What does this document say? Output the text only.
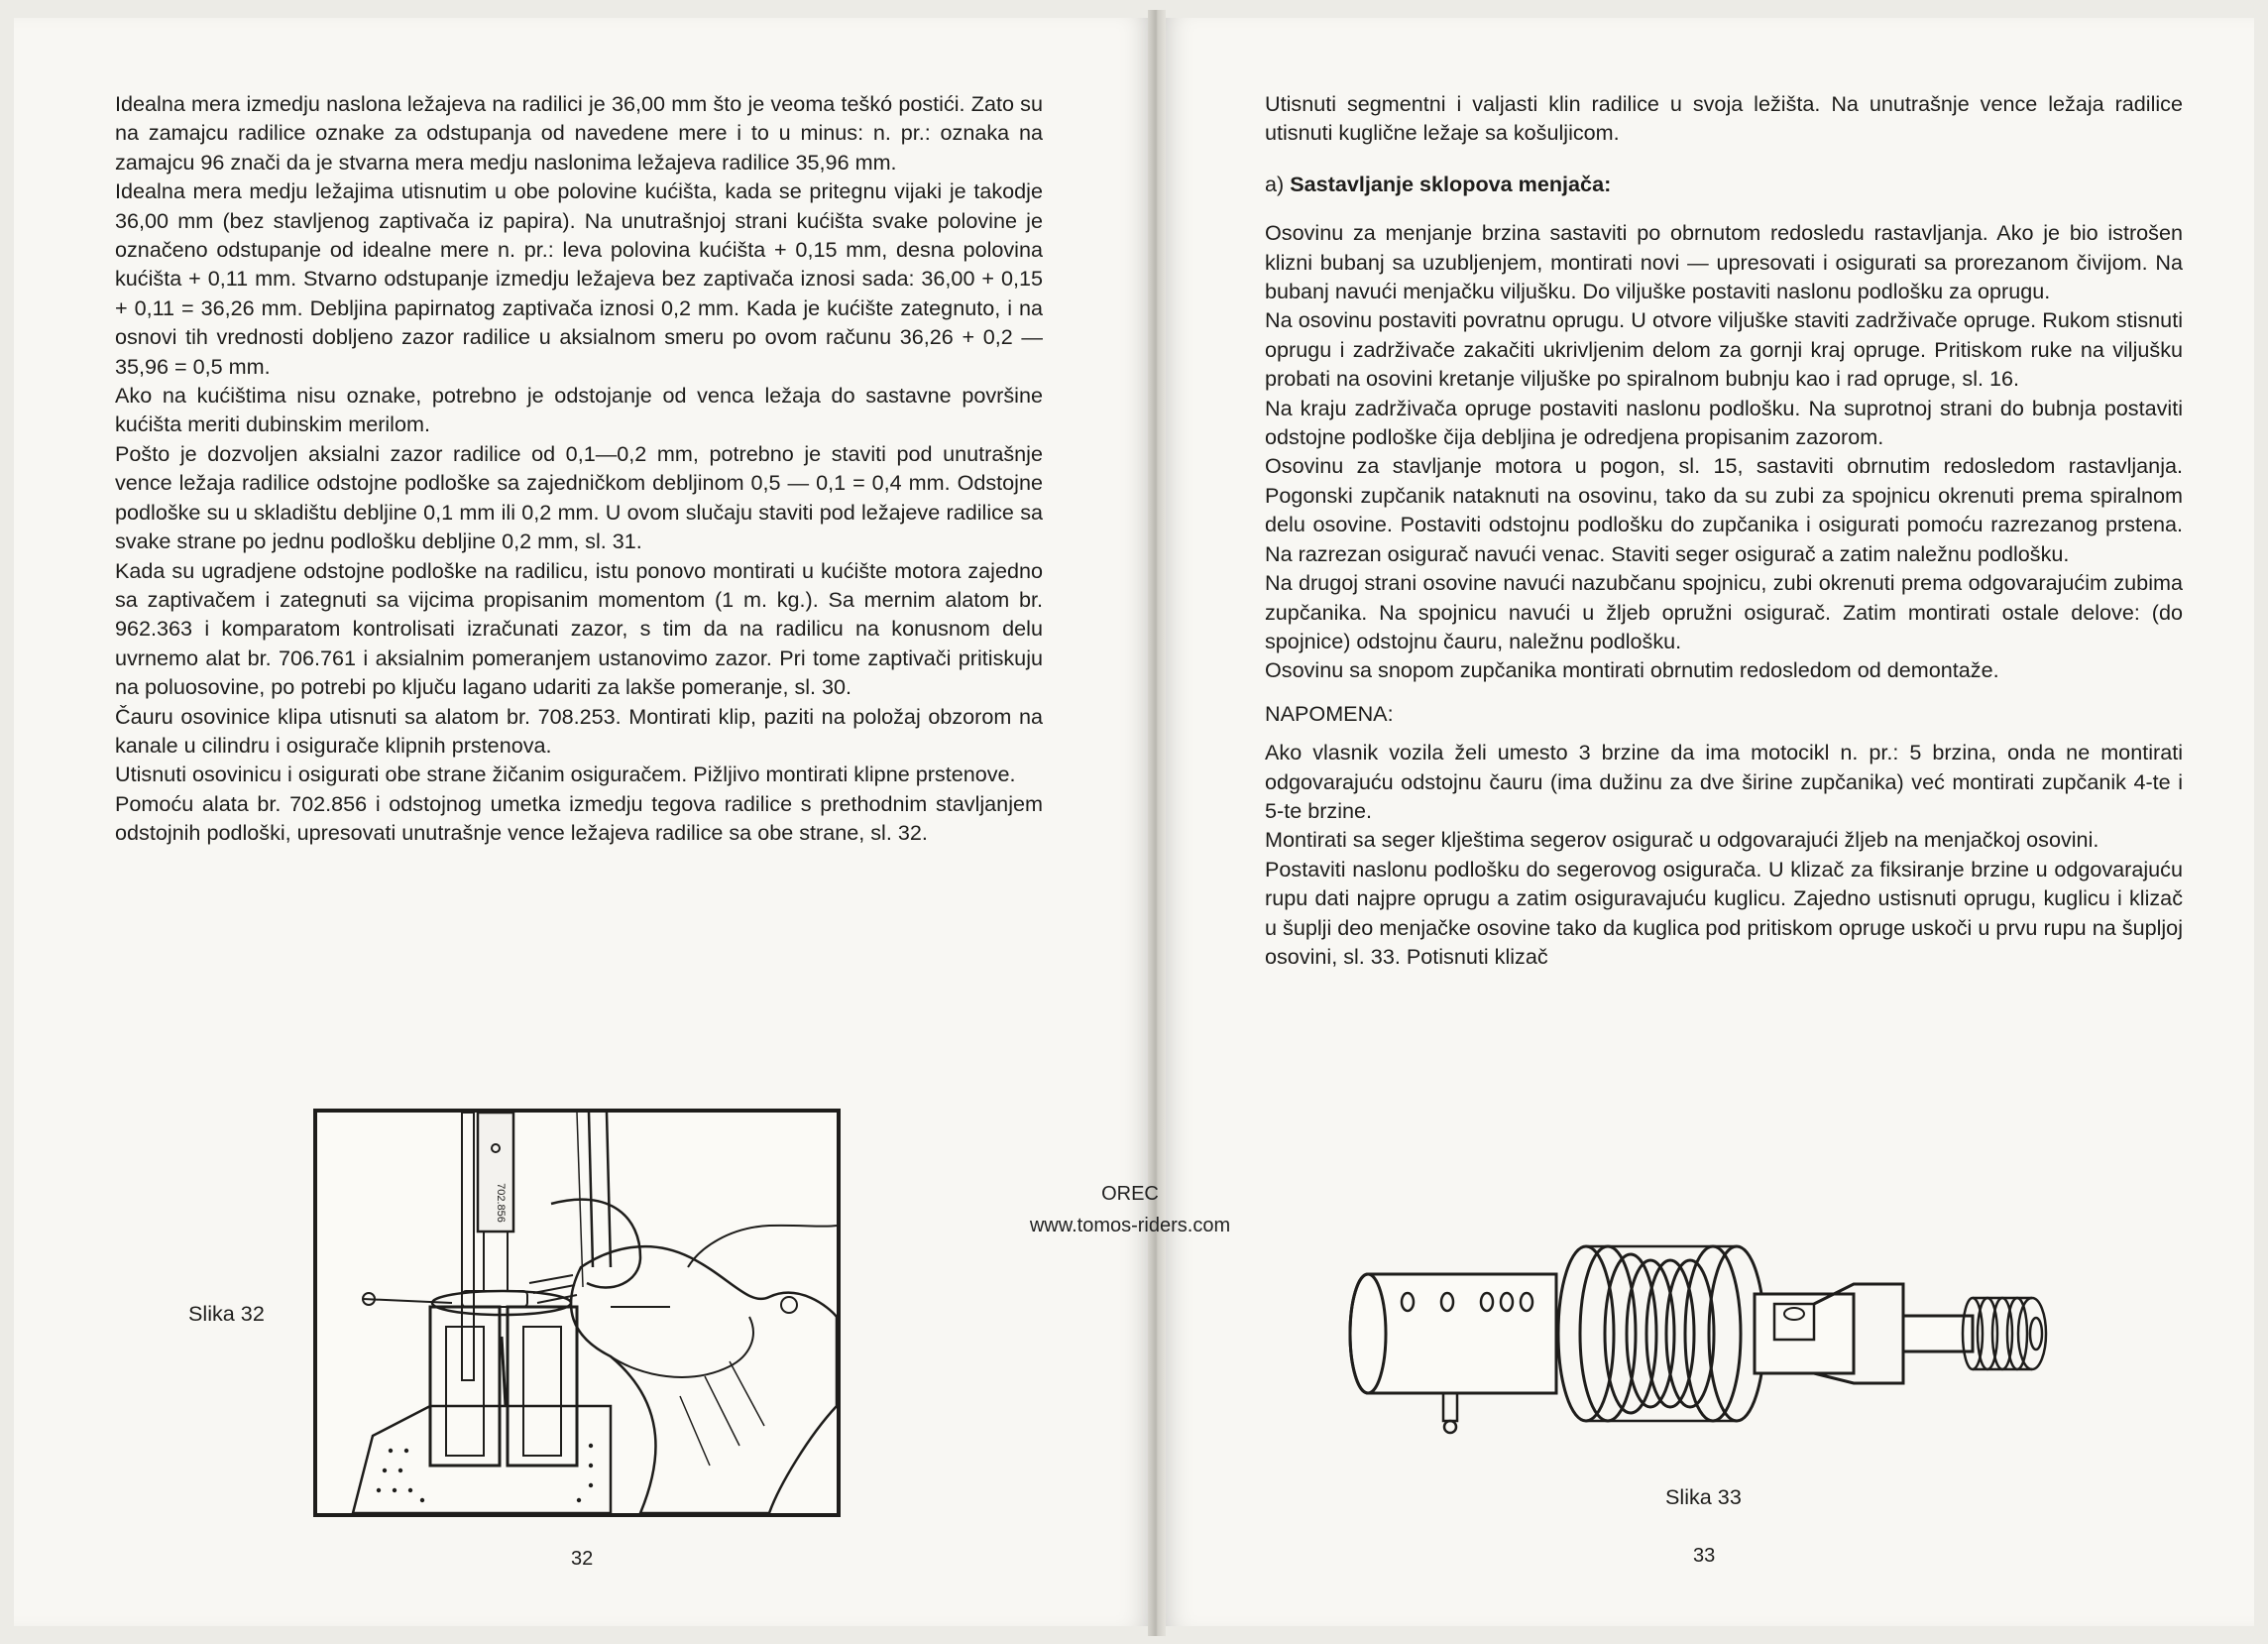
Idealna mera izmedju naslona ležajeva na radilici je 36,00 mm što je veoma teškó postići. Zato su na zamajcu radilice oznake za odstupanja od navedene mere i to u minus: n. pr.: oznaka na zamajcu 96 znači da je stvarna mera medju naslonima ležajeva radilice 35,96 mm.

Idealna mera medju ležajima utisnutim u obe polovine kućišta, kada se pritegnu vijaki je takodje 36,00 mm (bez stavljenog zaptivača iz papira). Na unutrašnjoj strani kućišta svake polovine je označeno odstupanje od idealne mere n. pr.: leva polovina kućišta + 0,15 mm, desna polovina kućišta + 0,11 mm. Stvarno odstupanje izmedju ležajeva bez zaptivača iznosi sada: 36,00 + 0,15 + 0,11 = 36,26 mm. Debljina papirnatog zaptivača iznosi 0,2 mm. Kada je kućište zategnuto, i na osnovi tih vrednosti dobljeno zazor radilice u aksialnom smeru po ovom računu 36,26 + 0,2 — 35,96 = 0,5 mm.

Ako na kućištima nisu oznake, potrebno je odstojanje od venca ležaja do sastavne površine kućišta meriti dubinskim merilom.

Pošto je dozvoljen aksialni zazor radilice od 0,1—0,2 mm, potrebno je staviti pod unutrašnje vence ležaja radilice odstojne podloške sa zajedničkom debljinom 0,5 — 0,1 = 0,4 mm. Odstojne podloške su u skladištu debljine 0,1 mm ili 0,2 mm. U ovom slučaju staviti pod ležajeve radilice sa svake strane po jednu podlošku debljine 0,2 mm, sl. 31.

Kada su ugradjene odstojne podloške na radilicu, istu ponovo montirati u kućište motora zajedno sa zaptivačem i zategnuti sa vijcima propisanim momentom (1 m. kg.). Sa mernim alatom br. 962.363 i komparatom kontrolisati izračunati zazor, s tim da na radilicu na konusnom delu uvrnemo alat br. 706.761 i aksialnim pomeranjem ustanovimo zazor. Pri tome zaptivači pritiskuju na poluosovine, po potrebi po ključu lagano udariti za lakše pomeranje, sl. 30.

Čauru osovinice klipa utisnuti sa alatom br. 708.253. Montirati klip, paziti na položaj obzorom na kanale u cilindru i osigurače klipnih prstenova.

Utisnuti osovinicu i osigurati obe strane žičanim osiguračem. Pižljivo montirati klipne prstenove.

Pomoću alata br. 702.856 i odstojnog umetka izmedju tegova radilice s prethodnim stavljanjem odstojnih podloški, upresovati unutrašnje vence ležajeva radilice sa obe strane, sl. 32.

Slika 32
702.856
32

Utisnuti segmentni i valjasti klin radilice u svoja ležišta. Na unutrašnje vence ležaja radilice utisnuti kuglične ležaje sa košuljicom.

a) Sastavljanje sklopova menjača:

Osovinu za menjanje brzina sastaviti po obrnutom redosledu rastavljanja. Ako je bio istrošen klizni bubanj sa uzubljenjem, montirati novi — upresovati i osigurati sa prorezanom čivijom. Na bubanj navući menjačku viljušku. Do viljuške postaviti naslonu podlošku za oprugu.

Na osovinu postaviti povratnu oprugu. U otvore viljuške staviti zadrživače opruge. Rukom stisnuti oprugu i zadrživače zakačiti ukrivljenim delom za gornji kraj opruge. Pritiskom ruke na viljušku probati na osovini kretanje viljuške po spiralnom bubnju kao i rad opruge, sl. 16.

Na kraju zadrživača opruge postaviti naslonu podlošku. Na suprotnoj strani do bubnja postaviti odstojne podloške čija debljina je odredjena propisanim zazorom.

Osovinu za stavljanje motora u pogon, sl. 15, sastaviti obrnutim redosledom rastavljanja. Pogonski zupčanik nataknuti na osovinu, tako da su zubi za spojnicu okrenuti prema spiralnom delu osovine. Postaviti odstojnu podlošku do zupčanika i osigurati pomoću razrezanog prstena. Na razrezan osigurač navući venac. Staviti seger osigurač a zatim naležnu podlošku.

Na drugoj strani osovine navući nazubčanu spojnicu, zubi okrenuti prema odgovarajućim zubima zupčanika. Na spojnicu navući u žljeb opružni osigurač. Zatim montirati ostale delove: (do spojnice) odstojnu čauru, naležnu podlošku.

Osovinu sa snopom zupčanika montirati obrnutim redosledom od demontaže.

NAPOMENA:

Ako vlasnik vozila želi umesto 3 brzine da ima motocikl n. pr.: 5 brzina, onda ne montirati odgovarajuću odstojnu čauru (ima dužinu za dve širine zupčanika) već montirati zupčanik 4-te i 5-te brzine.

Montirati sa seger klještima segerov osigurač u odgovarajući žljeb na menjačkoj osovini.

Postaviti naslonu podlošku do segerovog osigurača. U klizač za fiksiranje brzine u odgovarajuću rupu dati najpre oprugu a zatim osiguravajuću kuglicu. Zajedno ustisnuti oprugu, kuglicu i klizač u šuplji deo menjačke osovine tako da kuglica pod pritiskom opruge uskoči u prvu rupu na šupljoj osovini, sl. 33. Potisnuti klizač

Slika 33
33
OREC
www.tomos-riders.com
